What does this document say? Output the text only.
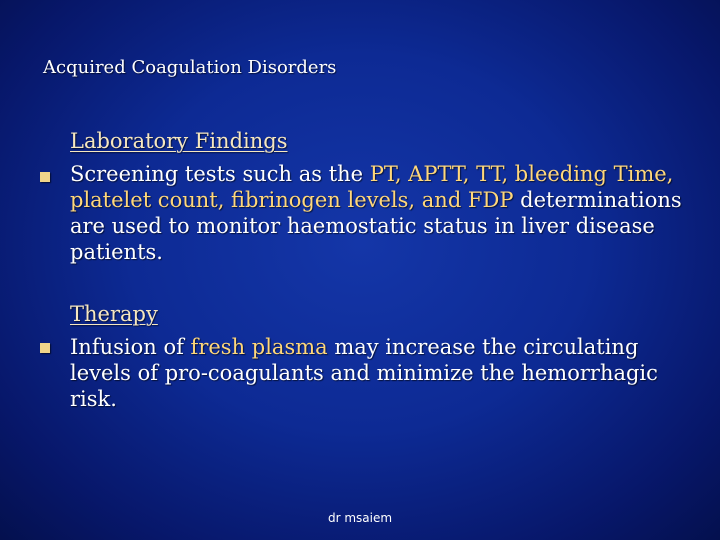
Acquired Coagulation Disorders
Laboratory Findings
Screening tests such as the PT, APTT, TT, bleeding Time, platelet count, fibrinogen levels, and FDP determinations are used to monitor haemostatic status in liver disease patients.
Therapy
Infusion of fresh plasma may increase the circulating levels of pro-coagulants and minimize the hemorrhagic risk.
dr msaiem
